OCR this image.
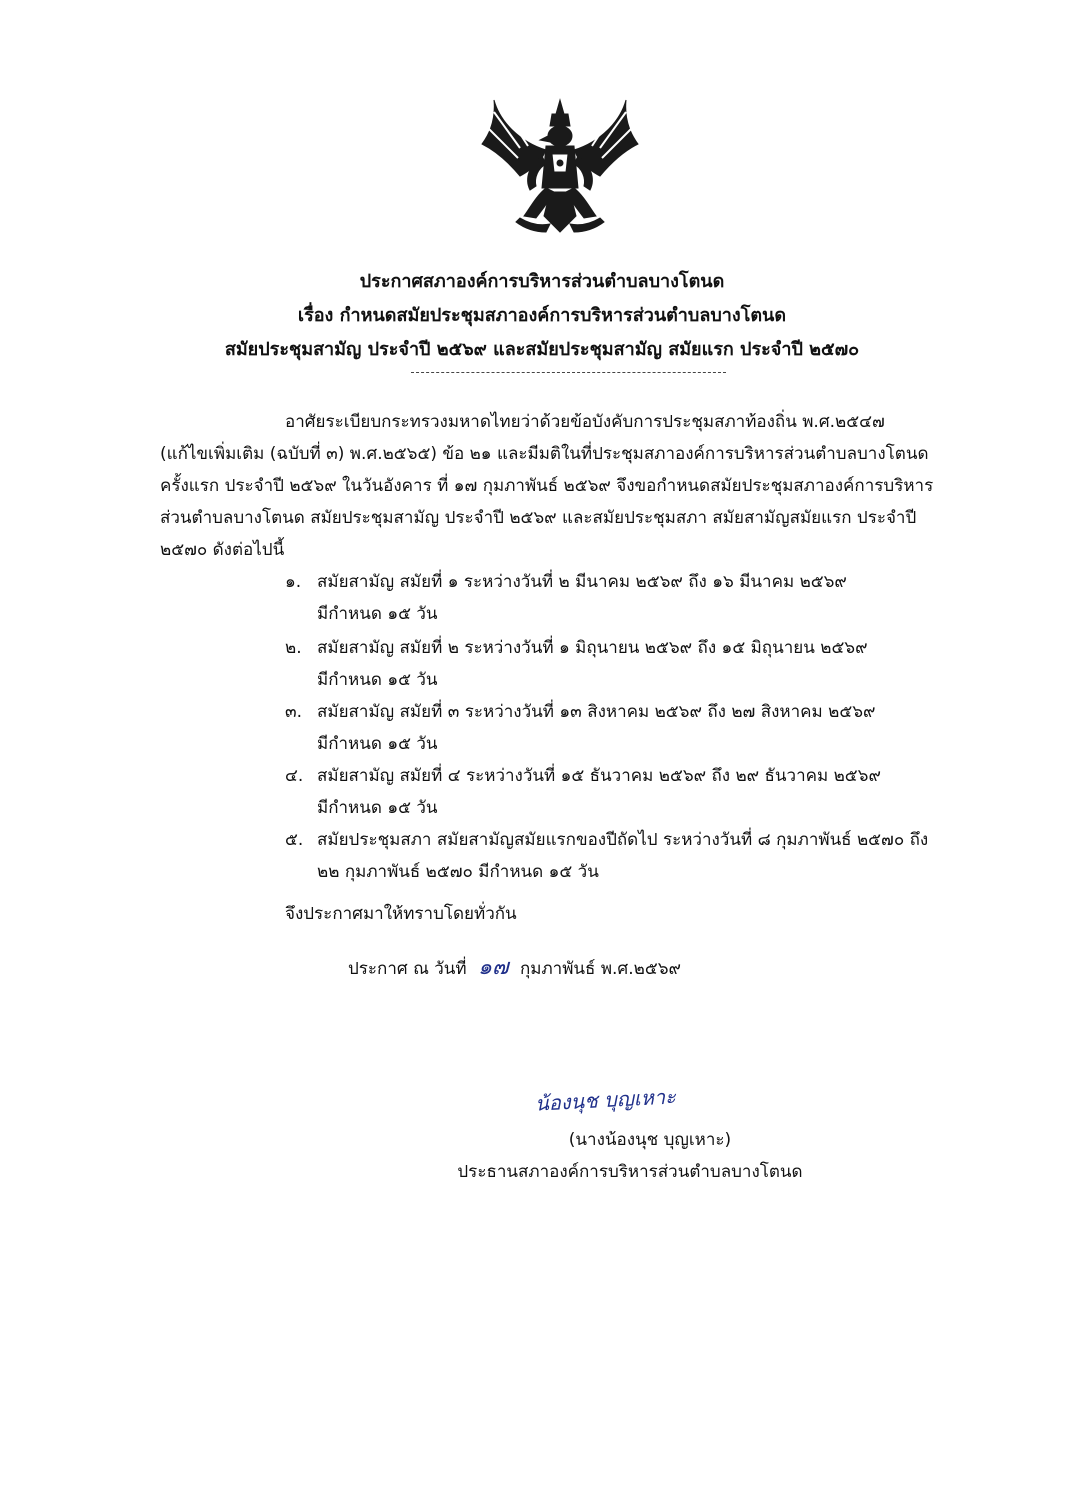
ประกาศสภาองค์การบริหารส่วนตำบลบางโตนด
เรื่อง กำหนดสมัยประชุมสภาองค์การบริหารส่วนตำบลบางโตนด
สมัยประชุมสามัญ ประจำปี ๒๕๖๙ และสมัยประชุมสามัญ สมัยแรก ประจำปี ๒๕๗๐
อาศัยระเบียบกระทรวงมหาดไทยว่าด้วยข้อบังคับการประชุมสภาท้องถิ่น พ.ศ.๒๕๔๗
(แก้ไขเพิ่มเติม (ฉบับที่ ๓) พ.ศ.๒๕๖๕) ข้อ ๒๑ และมีมติในที่ประชุมสภาองค์การบริหารส่วนตำบลบางโตนด
ครั้งแรก ประจำปี ๒๕๖๙ ในวันอังคาร ที่ ๑๗ กุมภาพันธ์ ๒๕๖๙ จึงขอกำหนดสมัยประชุมสภาองค์การบริหาร
ส่วนตำบลบางโตนด สมัยประชุมสามัญ ประจำปี ๒๕๖๙ และสมัยประชุมสภา สมัยสามัญสมัยแรก ประจำปี
๒๕๗๐ ดังต่อไปนี้
๑. สมัยสามัญ สมัยที่ ๑ ระหว่างวันที่ ๒ มีนาคม ๒๕๖๙ ถึง ๑๖ มีนาคม ๒๕๖๙
มีกำหนด ๑๕ วัน
๒. สมัยสามัญ สมัยที่ ๒ ระหว่างวันที่ ๑ มิถุนายน ๒๕๖๙ ถึง ๑๕ มิถุนายน ๒๕๖๙
มีกำหนด ๑๕ วัน
๓. สมัยสามัญ สมัยที่ ๓ ระหว่างวันที่ ๑๓ สิงหาคม ๒๕๖๙ ถึง ๒๗ สิงหาคม ๒๕๖๙
มีกำหนด ๑๕ วัน
๔. สมัยสามัญ สมัยที่ ๔ ระหว่างวันที่ ๑๕ ธันวาคม ๒๕๖๙ ถึง ๒๙ ธันวาคม ๒๕๖๙
มีกำหนด ๑๕ วัน
๕. สมัยประชุมสภา สมัยสามัญสมัยแรกของปีถัดไป ระหว่างวันที่ ๘ กุมภาพันธ์ ๒๕๗๐ ถึง
๒๒ กุมภาพันธ์ ๒๕๗๐ มีกำหนด ๑๕ วัน
จึงประกาศมาให้ทราบโดยทั่วกัน
ประกาศ ณ วันที่ ๑๗ กุมภาพันธ์ พ.ศ.๒๕๖๙
น้องนุช บุญเหาะ
(นางน้องนุช บุญเหาะ)
ประธานสภาองค์การบริหารส่วนตำบลบางโตนด
